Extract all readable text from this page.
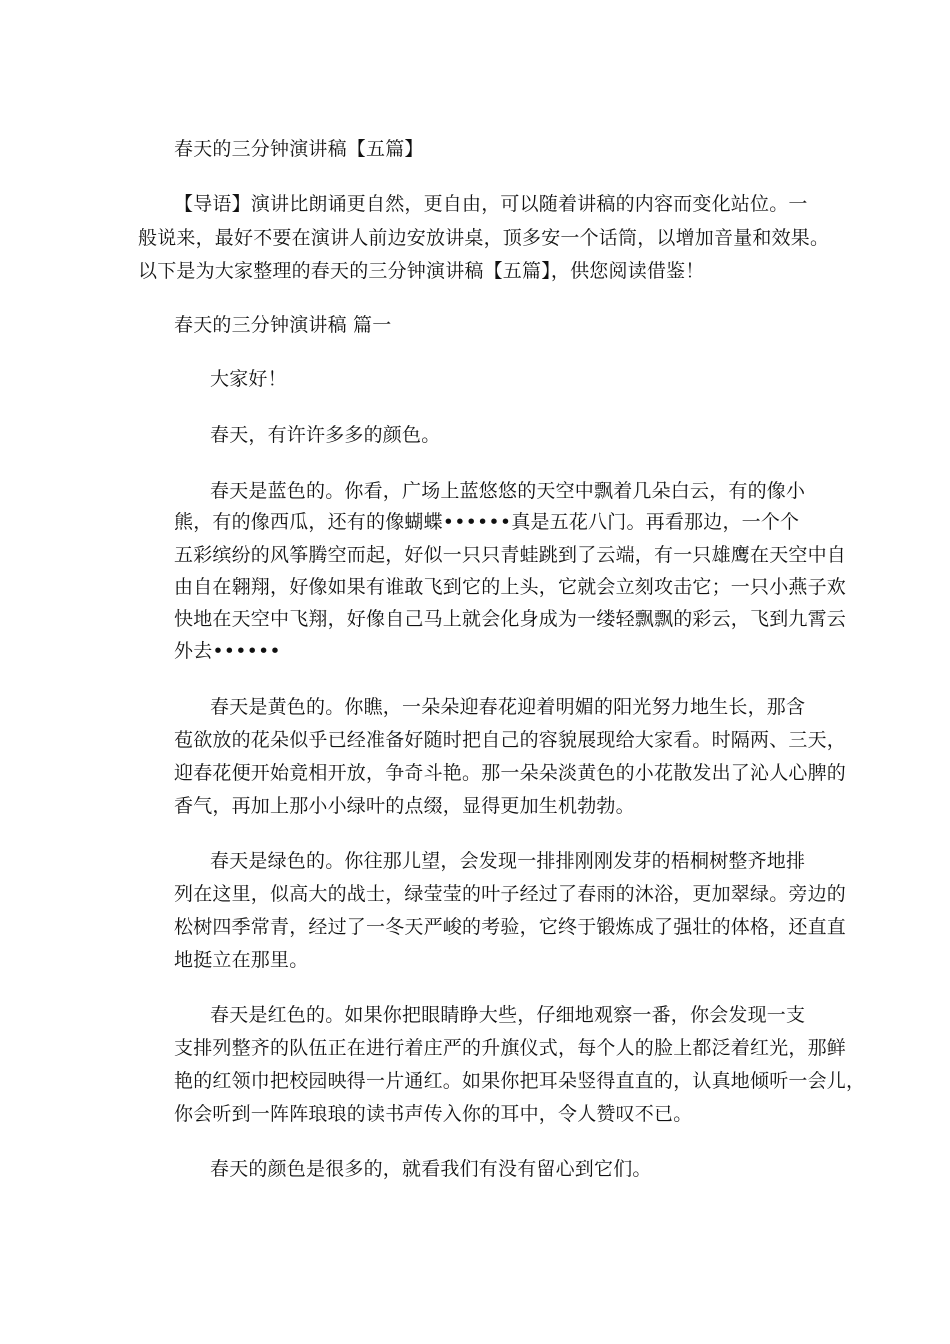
春天的三分钟演讲稿【五篇】
【导语】演讲比朗诵更自然，更自由，可以随着讲稿的内容而变化站位。一
般说来，最好不要在演讲人前边安放讲桌，顶多安一个话筒，以增加音量和效果。
以下是为大家整理的春天的三分钟演讲稿【五篇】，供您阅读借鉴！
春天的三分钟演讲稿 篇一
大家好！
春天，有许许多多的颜色。
春天是蓝色的。你看，广场上蓝悠悠的天空中飘着几朵白云，有的像小
熊，有的像西瓜，还有的像蝴蝶••••••真是五花八门。再看那边，一个个
五彩缤纷的风筝腾空而起，好似一只只青蛙跳到了云端，有一只雄鹰在天空中自
由自在翱翔，好像如果有谁敢飞到它的上头，它就会立刻攻击它；一只小燕子欢
快地在天空中飞翔，好像自己马上就会化身成为一缕轻飘飘的彩云，飞到九霄云
外去••••••
春天是黄色的。你瞧，一朵朵迎春花迎着明媚的阳光努力地生长，那含
苞欲放的花朵似乎已经准备好随时把自己的容貌展现给大家看。时隔两、三天，
迎春花便开始竟相开放，争奇斗艳。那一朵朵淡黄色的小花散发出了沁人心脾的
香气，再加上那小小绿叶的点缀，显得更加生机勃勃。
春天是绿色的。你往那儿望，会发现一排排刚刚发芽的梧桐树整齐地排
列在这里，似高大的战士，绿莹莹的叶子经过了春雨的沐浴，更加翠绿。旁边的
松树四季常青，经过了一冬天严峻的考验，它终于锻炼成了强壮的体格，还直直
地挺立在那里。
春天是红色的。如果你把眼睛睁大些，仔细地观察一番，你会发现一支
支排列整齐的队伍正在进行着庄严的升旗仪式，每个人的脸上都泛着红光，那鲜
艳的红领巾把校园映得一片通红。如果你把耳朵竖得直直的，认真地倾听一会儿，
你会听到一阵阵琅琅的读书声传入你的耳中，令人赞叹不已。
春天的颜色是很多的，就看我们有没有留心到它们。
